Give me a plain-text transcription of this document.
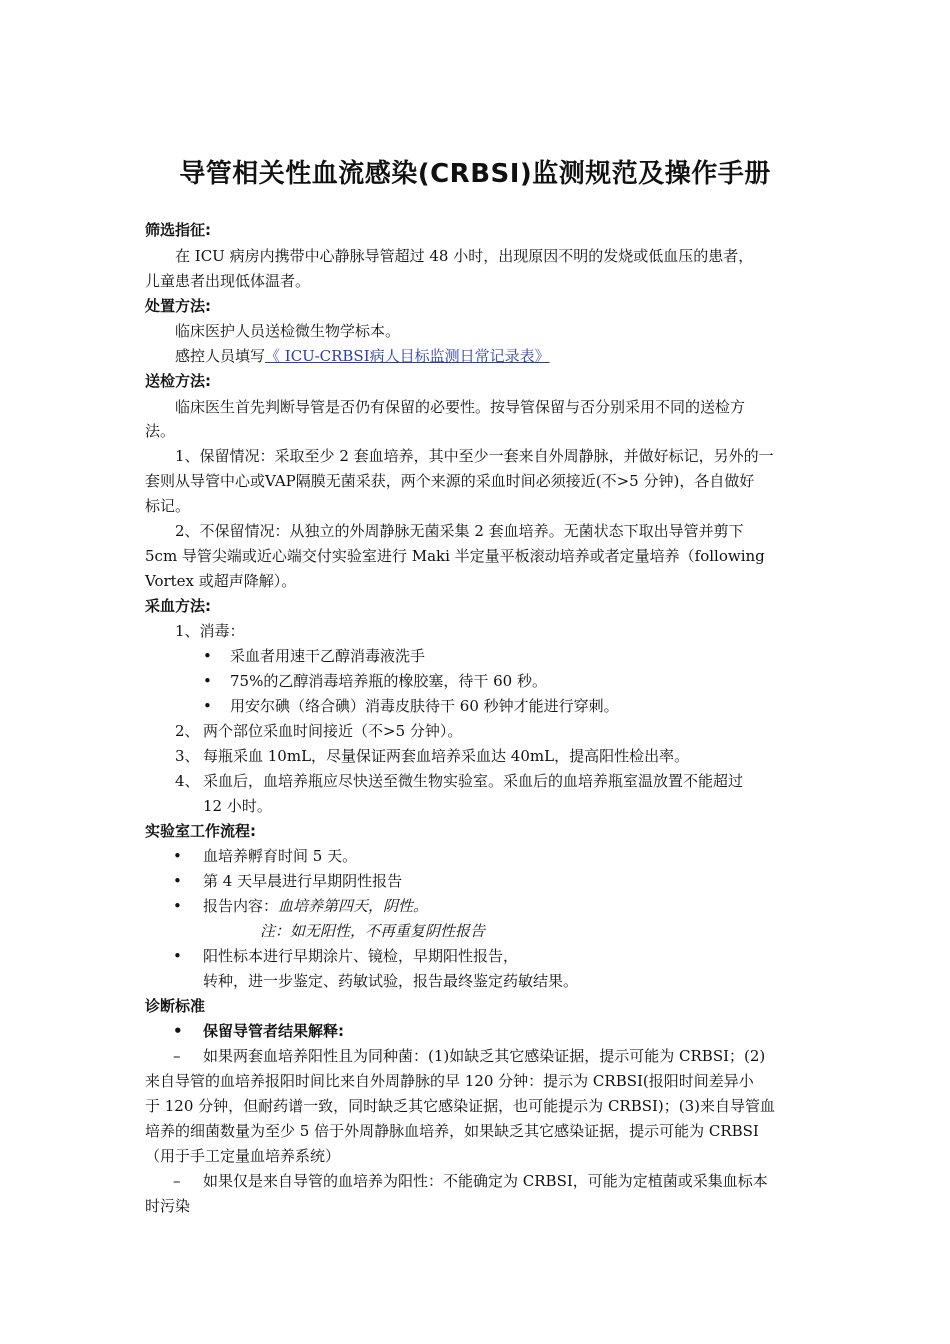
导管相关性血流感染(CRBSI)监测规范及操作手册
筛选指征:
在 ICU 病房内携带中心静脉导管超过 48 小时，出现原因不明的发烧或低血压的患者，
儿童患者出现低体温者。
处置方法:
临床医护人员送检微生物学标本。
感控人员填写《 ICU-CRBSI病人目标监测日常记录表》
送检方法:
临床医生首先判断导管是否仍有保留的必要性。按导管保留与否分别采用不同的送检方
法。
1、保留情况：采取至少 2 套血培养，其中至少一套来自外周静脉，并做好标记，另外的一
套则从导管中心或VAP隔膜无菌采获，两个来源的采血时间必须接近(不>5 分钟)，各自做好
标记。
2、不保留情况：从独立的外周静脉无菌采集 2 套血培养。无菌状态下取出导管并剪下
5cm 导管尖端或近心端交付实验室进行 Maki 半定量平板滚动培养或者定量培养（following
Vortex 或超声降解）。
采血方法:
1、消毒：
• 采血者用速干乙醇消毒液洗手
• 75%的乙醇消毒培养瓶的橡胶塞，待干 60 秒。
• 用安尔碘（络合碘）消毒皮肤待干 60 秒钟才能进行穿刺。
2、 两个部位采血时间接近（不>5 分钟）。
3、 每瓶采血 10mL，尽量保证两套血培养采血达 40mL，提高阳性检出率。
4、 采血后，血培养瓶应尽快送至微生物实验室。采血后的血培养瓶室温放置不能超过
12 小时。
实验室工作流程:
• 血培养孵育时间 5 天。
• 第 4 天早晨进行早期阴性报告
• 报告内容：血培养第四天，阴性。
注：如无阳性，不再重复阴性报告
• 阳性标本进行早期涂片、镜检，早期阳性报告，
转种，进一步鉴定、药敏试验，报告最终鉴定药敏结果。
诊断标准
• 保留导管者结果解释:
– 如果两套血培养阳性且为同种菌：(1)如缺乏其它感染证据，提示可能为 CRBSI；(2)
来自导管的血培养报阳时间比来自外周静脉的早 120 分钟：提示为 CRBSI(报阳时间差异小
于 120 分钟，但耐药谱一致，同时缺乏其它感染证据，也可能提示为 CRBSI)；(3)来自导管血
培养的细菌数量为至少 5 倍于外周静脉血培养，如果缺乏其它感染证据，提示可能为 CRBSI
（用于手工定量血培养系统）
– 如果仅是来自导管的血培养为阳性：不能确定为 CRBSI，可能为定植菌或采集血标本
时污染
